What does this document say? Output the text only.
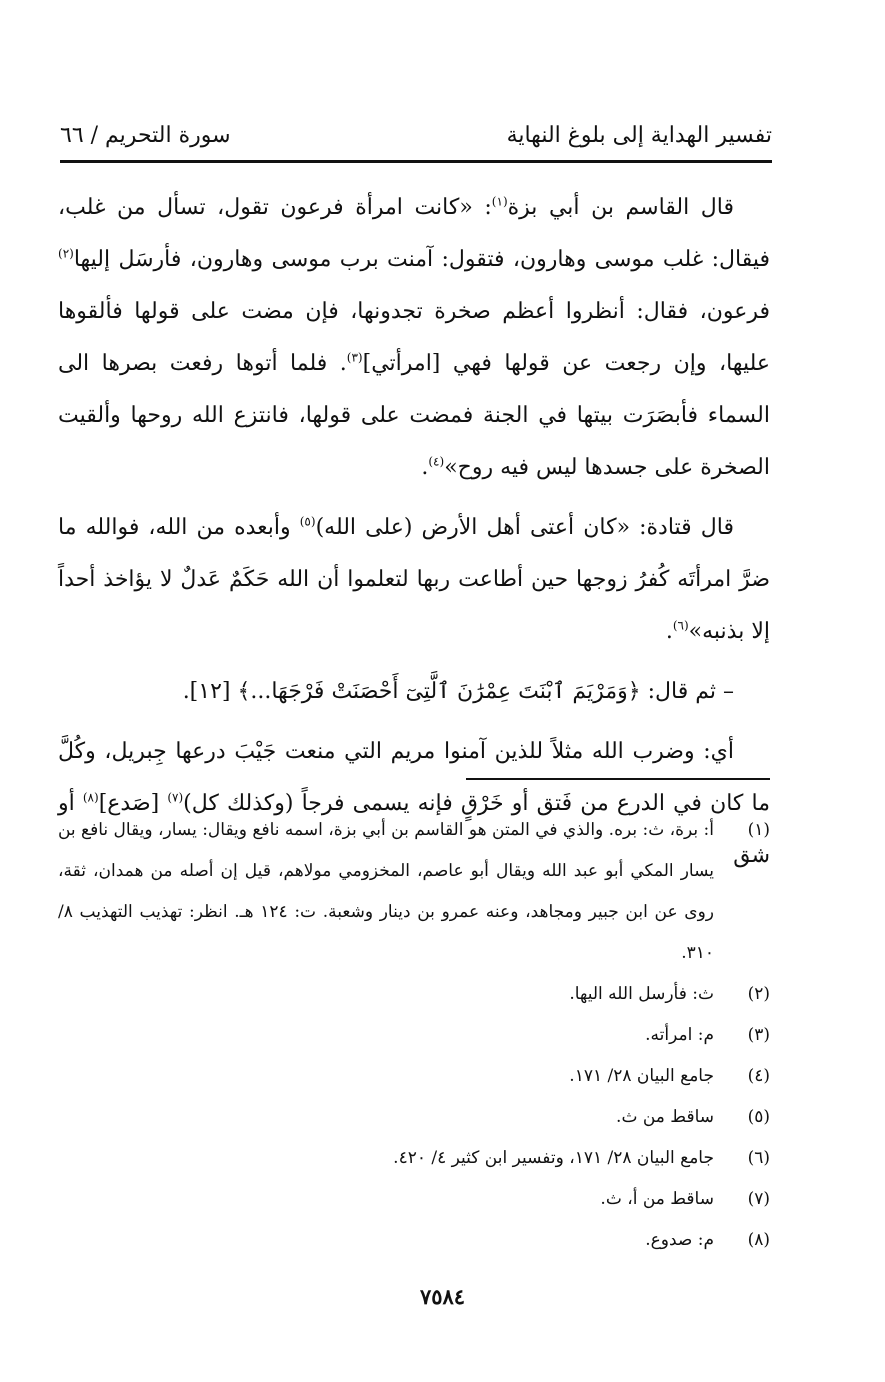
تفسير الهداية إلى بلوغ النهاية
سورة التحريم / ٦٦

قال القاسم بن أبي بزة$^{(١)}$: «كانت امرأة فرعون تقول، تسأل من غلب، فيقال: غلب موسى وهارون، فتقول: آمنت برب موسى وهارون، فأرسَل إليها$^{(٢)}$ فرعون، فقال: أنظروا أعظم صخرة تجدونها، فإن مضت على قولها فألقوها عليها، وإن رجعت عن قولها فهي [امرأتي]$^{(٣)}$. فلما أتوها رفعت بصرها الى السماء فأبصَرَت بيتها في الجنة فمضت على قولها، فانتزع الله روحها وألقيت الصخرة على جسدها ليس فيه روح»$^{(٤)}$.

قال قتادة: «كان أعتى أهل الأرض (على الله)$^{(٥)}$ وأبعده من الله، فوالله ما ضرَّ امرأتَه كُفرُ زوجها حين أطاعت ربها لتعلموا أن الله حَكَمٌ عَدلٌ لا يؤاخذ أحداً إلا بذنبه»$^{(٦)}$.

– ثم قال: ﴿وَمَرْيَمَ ٱبْنَتَ عِمْرَٰنَ ٱلَّتِىٓ أَحْصَنَتْ فَرْجَهَا...﴾ [١٢].

أي: وضرب الله مثلاً للذين آمنوا مريم التي منعت جَيْبَ درعها جِبريل، وكُلَّ ما كان في الدرع من فَتق أو خَرْقٍ فإنه يسمى فرجاً (وكذلك كل)$^{(٧)}$ [صَدع]$^{(٨)}$ أو شق

(١)
أ: برة، ث: بره. والذي في المتن هو القاسم بن أبي بزة، اسمه نافع ويقال: يسار، ويقال نافع بن يسار المكي أبو عبد الله ويقال أبو عاصم، المخزومي مولاهم، قيل إن أصله من همدان، ثقة، روى عن ابن جبير ومجاهد، وعنه عمرو بن دينار وشعبة. ت: ١٢٤ هـ. انظر: تهذيب التهذيب ٨/ ٣١٠.
(٢)
ث: فأرسل الله اليها.
(٣)
م: امرأته.
(٤)
جامع البيان ٢٨/ ١٧١.
(٥)
ساقط من ث.
(٦)
جامع البيان ٢٨/ ١٧١، وتفسير ابن كثير ٤/ ٤٢٠.
(٧)
ساقط من أ، ث.
(٨)
م: صدوع.
٧٥٨٤
